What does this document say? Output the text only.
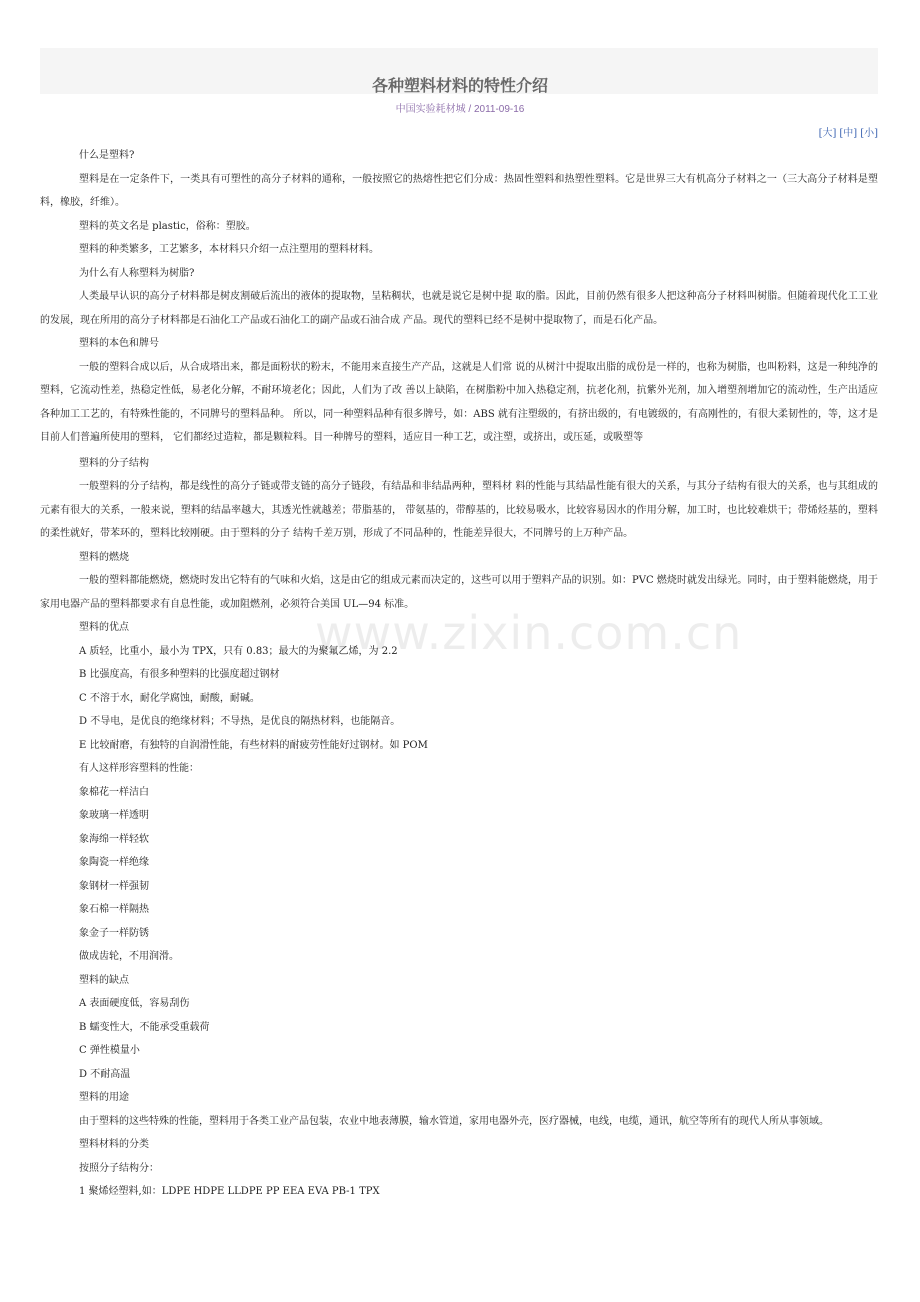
各种塑料材料的特性介绍
中国实验耗材城 / 2011-09-16
[大] [中] [小]

什么是塑料?

塑料是在一定条件下，一类具有可塑性的高分子材料的通称，一般按照它的热熔性把它们分成：热固性塑料和热塑性塑料。它是世界三大有机高分子材料之一（三大高分子材料是塑料，橡胶，纤维）。

塑料的英文名是 plastic，俗称：塑胶。

塑料的种类繁多，工艺繁多，本材料只介绍一点注塑用的塑料材料。

为什么有人称塑料为树脂?

人类最早认识的高分子材料都是树皮割破后流出的液体的提取物，呈粘稠状，也就是说它是树中提 取的脂。因此，目前仍然有很多人把这种高分子材料叫树脂。但随着现代化工工业的发展，现在所用的高分子材料都是石油化工产品或石油化工的副产品或石油合成 产品。现代的塑料已经不是树中提取物了，而是石化产品。

塑料的本色和牌号

一般的塑料合成以后，从合成塔出来，都是面粉状的粉末，不能用来直接生产产品，这就是人们常 说的从树汁中提取出脂的成份是一样的，也称为树脂，也叫粉料，这是一种纯净的塑料，它流动性差，热稳定性低，易老化分解，不耐环境老化；因此，人们为了改 善以上缺陷，在树脂粉中加入热稳定剂，抗老化剂，抗紫外光剂，加入增塑剂增加它的流动性，生产出适应各种加工工艺的，有特殊性能的，不同牌号的塑料品种。 所以，同一种塑料品种有很多牌号，如：ABS 就有注塑级的，有挤出级的，有电镀级的，有高刚性的，有很大柔韧性的，等，这才是目前人们普遍所使用的塑料， 它们都经过造粒，都是颗粒料。目一种牌号的塑料，适应目一种工艺，或注塑，或挤出，或压延，或吸塑等

塑料的分子结构

一般塑料的分子结构，都是线性的高分子链或带支链的高分子链段，有结晶和非结晶两种，塑料材 料的性能与其结晶性能有很大的关系，与其分子结构有很大的关系，也与其组成的元素有很大的关系，一般来说，塑料的结晶率越大，其透光性就越差；带脂基的， 带氨基的，带醇基的，比较易吸水，比较容易因水的作用分解，加工时，也比较难烘干；带烯烃基的，塑料的柔性就好，带苯环的，塑料比较刚硬。由于塑料的分子 结构千差万别，形成了不同品种的，性能差异很大，不同牌号的上万种产品。

塑料的燃烧

一般的塑料都能燃烧，燃烧时发出它特有的气味和火焰，这是由它的组成元素而决定的，这些可以用于塑料产品的识别。如：PVC 燃烧时就发出绿光。同时，由于塑料能燃烧，用于家用电器产品的塑料都要求有自息性能，或加阻燃剂，必须符合美国 UL—94 标准。

塑料的优点

A 质轻，比重小，最小为 TPX，只有 0.83；最大的为聚氟乙烯，为 2.2

B 比强度高，有很多种塑料的比强度超过钢材

C 不溶于水，耐化学腐蚀，耐酸，耐碱。

D 不导电，是优良的绝缘材料；不导热，是优良的隔热材料，也能隔音。

E 比较耐磨，有独特的自润滑性能，有些材料的耐疲劳性能好过钢材。如 POM

有人这样形容塑料的性能：

象棉花一样洁白

象玻璃一样透明

象海绵一样轻软

象陶瓷一样绝缘

象钢材一样强韧

象石棉一样隔热

象金子一样防锈

做成齿轮，不用润滑。

塑料的缺点

A 表面硬度低，容易刮伤

B 蠕变性大，不能承受重载荷

C 弹性模量小

D 不耐高温

塑料的用途

由于塑料的这些特殊的性能，塑料用于各类工业产品包装，农业中地表薄膜，输水管道，家用电器外壳，医疗器械，电线，电缆，通讯，航空等所有的现代人所从事领域。

塑料材料的分类

按照分子结构分：

1 聚烯烃塑料,如：LDPE HDPE LLDPE PP EEA EVA PB-1 TPX

www.zixin.com.cn
